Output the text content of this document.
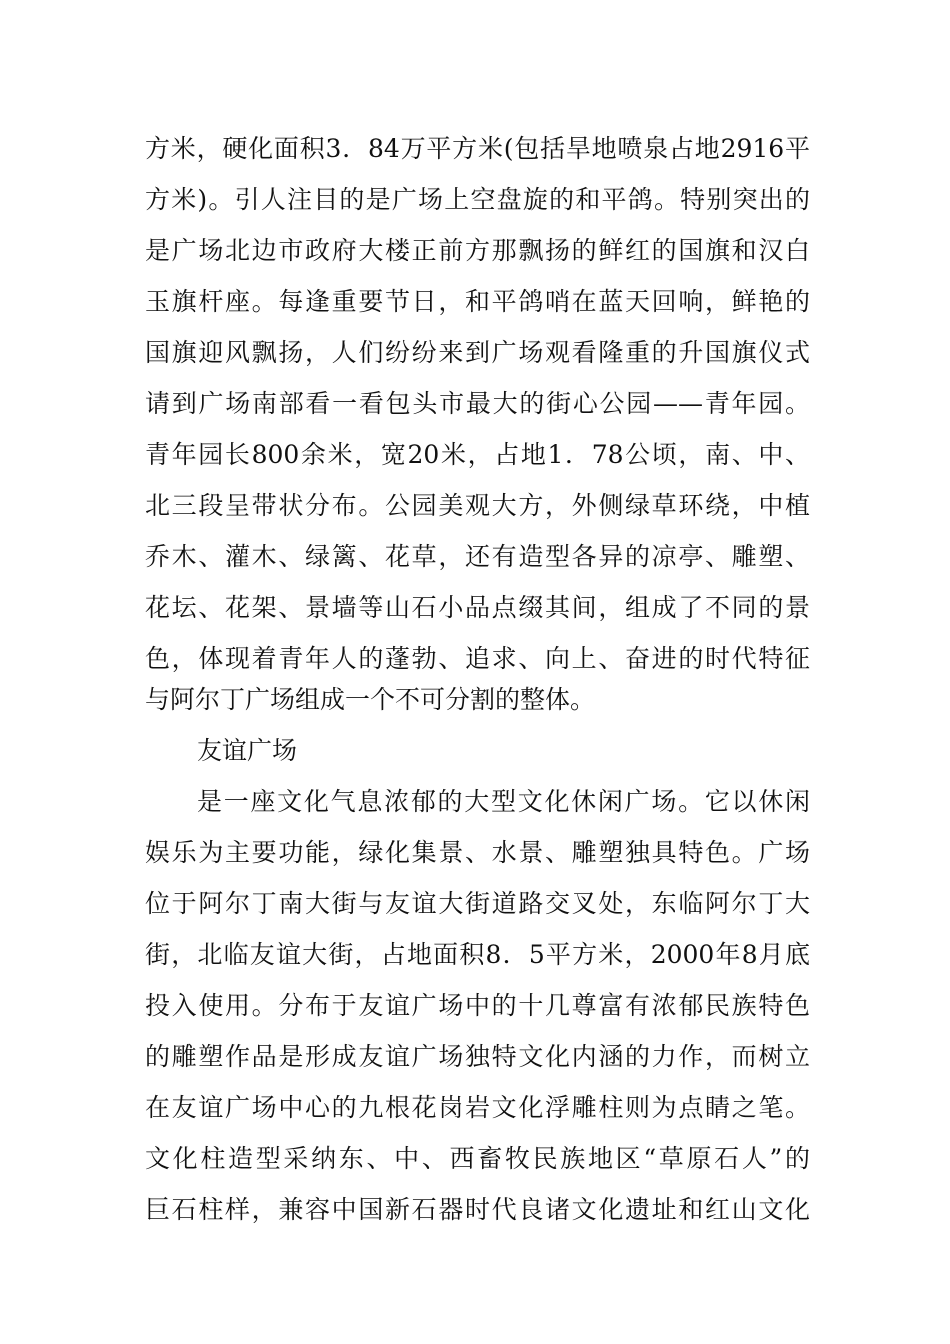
方米，硬化面积3．84万平方米(包括旱地喷泉占地2916平
方米)。引人注目的是广场上空盘旋的和平鸽。特别突出的
是广场北边市政府大楼正前方那飘扬的鲜红的国旗和汉白
玉旗杆座。每逢重要节日，和平鸽哨在蓝天回响，鲜艳的
国旗迎风飘扬，人们纷纷来到广场观看隆重的升国旗仪式
请到广场南部看一看包头市最大的街心公园——青年园。
青年园长800余米，宽20米，占地1．78公顷，南、中、
北三段呈带状分布。公园美观大方，外侧绿草环绕，中植
乔木、灌木、绿篱、花草，还有造型各异的凉亭、雕塑、
花坛、花架、景墙等山石小品点缀其间，组成了不同的景
色，体现着青年人的蓬勃、追求、向上、奋进的时代特征
与阿尔丁广场组成一个不可分割的整体。
友谊广场
是一座文化气息浓郁的大型文化休闲广场。它以休闲
娱乐为主要功能，绿化集景、水景、雕塑独具特色。广场
位于阿尔丁南大街与友谊大街道路交叉处，东临阿尔丁大
街，北临友谊大街，占地面积8．5平方米，2000年8月底
投入使用。分布于友谊广场中的十几尊富有浓郁民族特色
的雕塑作品是形成友谊广场独特文化内涵的力作，而树立
在友谊广场中心的九根花岗岩文化浮雕柱则为点睛之笔。
文化柱造型采纳东、中、西畜牧民族地区“草原石人”的
巨石柱样，兼容中国新石器时代良诸文化遗址和红山文化
